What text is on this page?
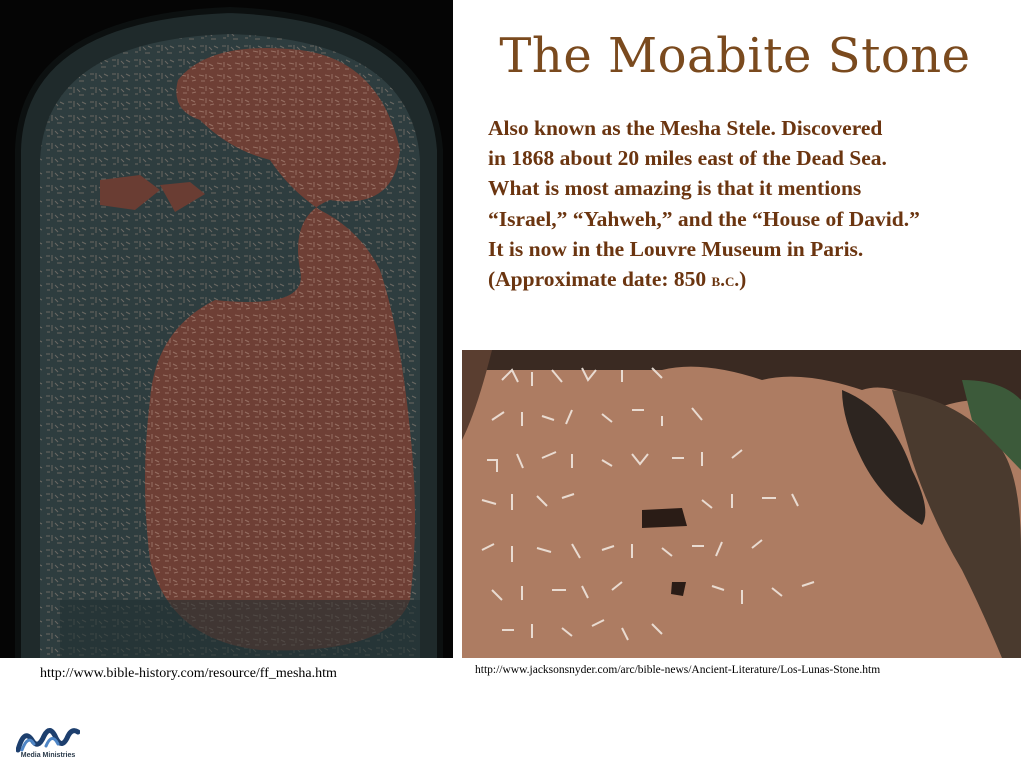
The Moabite Stone

Also known as the Mesha Stele. Discovered
in 1868 about 20 miles east of the Dead Sea.
What is most amazing is that it mentions
“Israel,” “Yahweh,” and the “House of David.”
It is now in the Louvre Museum in Paris.
(Approximate date: 850 b.c.)

http://www.bible-history.com/resource/ff_mesha.htm	http://www.jacksonsnyder.com/arc/bible-news/Ancient-Literature/Los-Lunas-Stone.htm
Media Ministries
